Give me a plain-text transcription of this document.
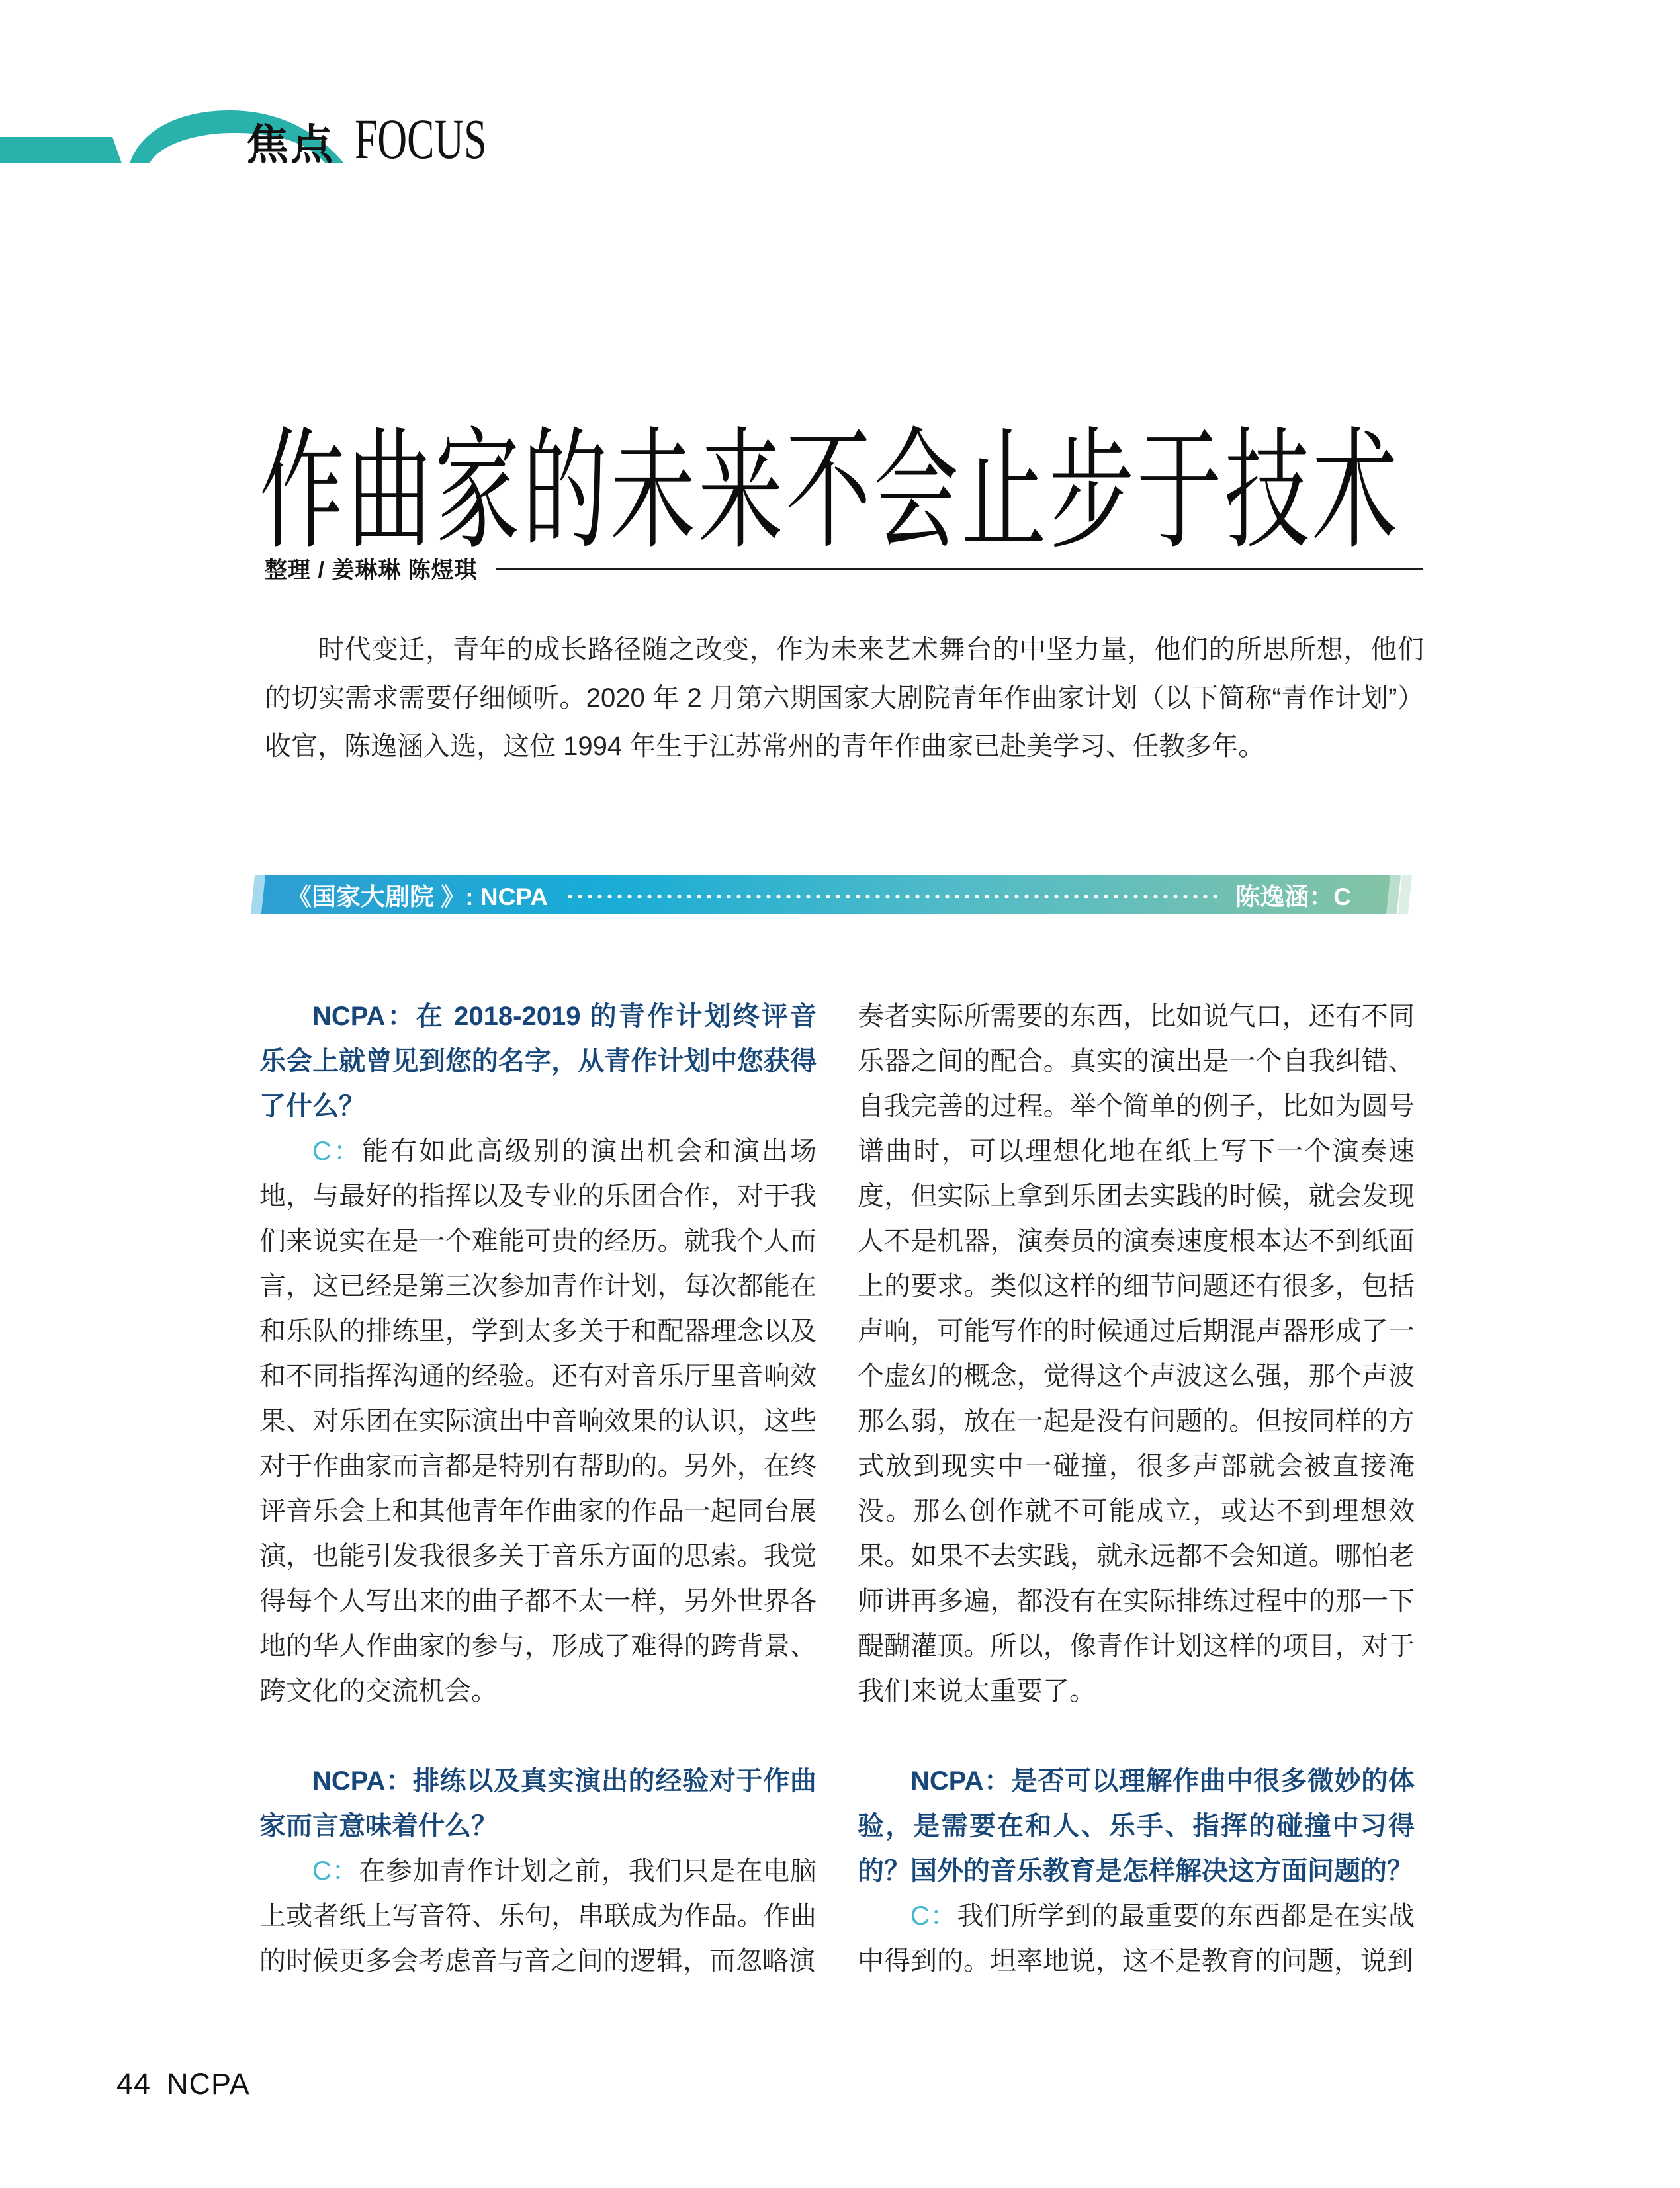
焦点 FOCUS
作曲家的未来不会止步于技术
整理 / 姜琳琳 陈煜琪

时代变迁，青年的成长路径随之改变，作为未来艺术舞台的中坚力量，他们的所思所想，他们的切实需求需要仔细倾听。2020 年 2 月第六期国家大剧院青年作曲家计划（以下简称“青作计划”）收官，陈逸涵入选，这位 1994 年生于江苏常州的青年作曲家已赴美学习、任教多年。

《国家大剧院 》: NCPA	陈逸涵：C

NCPA：在 2018-2019 的青作计划终评音乐会上就曾见到您的名字，从青作计划中您获得了什么？

C：能有如此高级别的演出机会和演出场地，与最好的指挥以及专业的乐团合作，对于我们来说实在是一个难能可贵的经历。就我个人而言，这已经是第三次参加青作计划，每次都能在和乐队的排练里，学到太多关于和配器理念以及和不同指挥沟通的经验。还有对音乐厅里音响效果、对乐团在实际演出中音响效果的认识，这些对于作曲家而言都是特别有帮助的。另外，在终评音乐会上和其他青年作曲家的作品一起同台展演，也能引发我很多关于音乐方面的思索。我觉得每个人写出来的曲子都不太一样，另外世界各地的华人作曲家的参与，形成了难得的跨背景、跨文化的交流机会。

NCPA：排练以及真实演出的经验对于作曲家而言意味着什么？

C：在参加青作计划之前，我们只是在电脑上或者纸上写音符、乐句，串联成为作品。作曲的时候更多会考虑音与音之间的逻辑，而忽略演

奏者实际所需要的东西，比如说气口，还有不同乐器之间的配合。真实的演出是一个自我纠错、自我完善的过程。举个简单的例子，比如为圆号谱曲时，可以理想化地在纸上写下一个演奏速度，但实际上拿到乐团去实践的时候，就会发现人不是机器，演奏员的演奏速度根本达不到纸面上的要求。类似这样的细节问题还有很多，包括声响，可能写作的时候通过后期混声器形成了一个虚幻的概念，觉得这个声波这么强，那个声波那么弱，放在一起是没有问题的。但按同样的方式放到现实中一碰撞，很多声部就会被直接淹没。那么创作就不可能成立，或达不到理想效果。如果不去实践，就永远都不会知道。哪怕老师讲再多遍，都没有在实际排练过程中的那一下醍醐灌顶。所以，像青作计划这样的项目，对于我们来说太重要了。

NCPA：是否可以理解作曲中很多微妙的体验，是需要在和人、乐手、指挥的碰撞中习得的？国外的音乐教育是怎样解决这方面问题的？

C：我们所学到的最重要的东西都是在实战中得到的。坦率地说，这不是教育的问题，说到

44 NCPA
